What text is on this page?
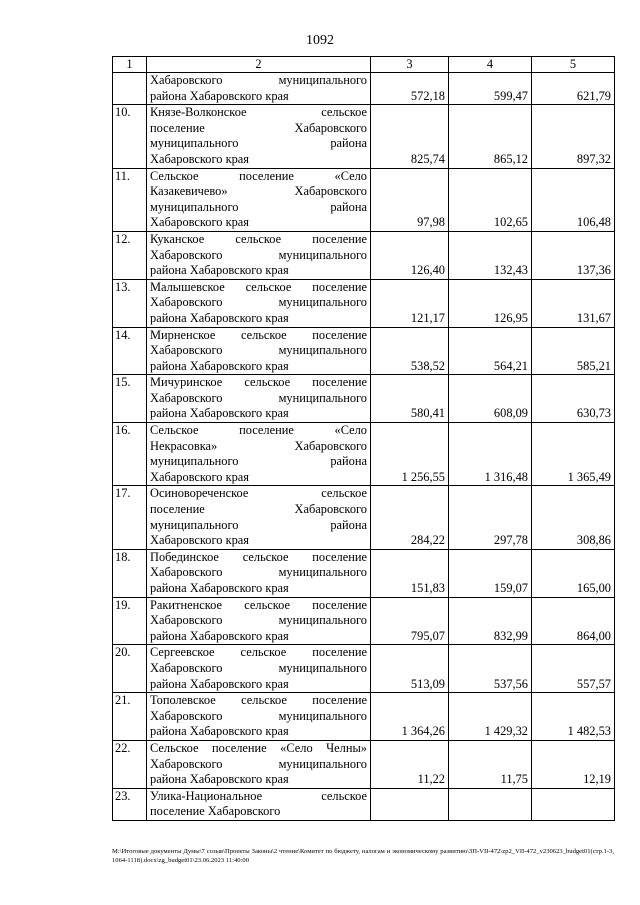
1092
1	2	3	4	5

	Хабаровского муниципального
района Хабаровского края	572,18	599,47	621,79
10.	Князе-Волконское сельское
поселение Хабаровского
муниципального района
Хабаровского края	825,74	865,12	897,32
11.	Сельское поселение «Село
Казакевичево» Хабаровского
муниципального района
Хабаровского края	97,98	102,65	106,48
12.	Куканское сельское поселение
Хабаровского муниципального
района Хабаровского края	126,40	132,43	137,36
13.	Малышевское сельское поселение
Хабаровского муниципального
района Хабаровского края	121,17	126,95	131,67
14.	Мирненское сельское поселение
Хабаровского муниципального
района Хабаровского края	538,52	564,21	585,21
15.	Мичуринское сельское поселение
Хабаровского муниципального
района Хабаровского края	580,41	608,09	630,73
16.	Сельское поселение «Село
Некрасовка» Хабаровского
муниципального района
Хабаровского края	1 256,55	1 316,48	1 365,49
17.	Осиновореченское сельское
поселение Хабаровского
муниципального района
Хабаровского края	284,22	297,78	308,86
18.	Побединское сельское поселение
Хабаровского муниципального
района Хабаровского края	151,83	159,07	165,00
19.	Ракитненское сельское поселение
Хабаровского муниципального
района Хабаровского края	795,07	832,99	864,00
20.	Сергеевское сельское поселение
Хабаровского муниципального
района Хабаровского края	513,09	537,56	557,57
21.	Тополевское сельское поселение
Хабаровского муниципального
района Хабаровского края	1 364,26	1 429,32	1 482,53
22.	Сельское поселение «Село Челны»
Хабаровского муниципального
района Хабаровского края	11,22	11,75	12,19
23.	Улика-Национальное сельское
поселение Хабаровского			

М:\Итоговые документы Думы\7 созыв\Проекты Законы\2 чтение\Комитет по бюджету, налогам и экономическому развитию\ЗП-VII-472\zp2_VII-472_v230623_budget01(стр.1-3, 1064-1118).docx\zg_budget01\23.06.2023 11:40:00
